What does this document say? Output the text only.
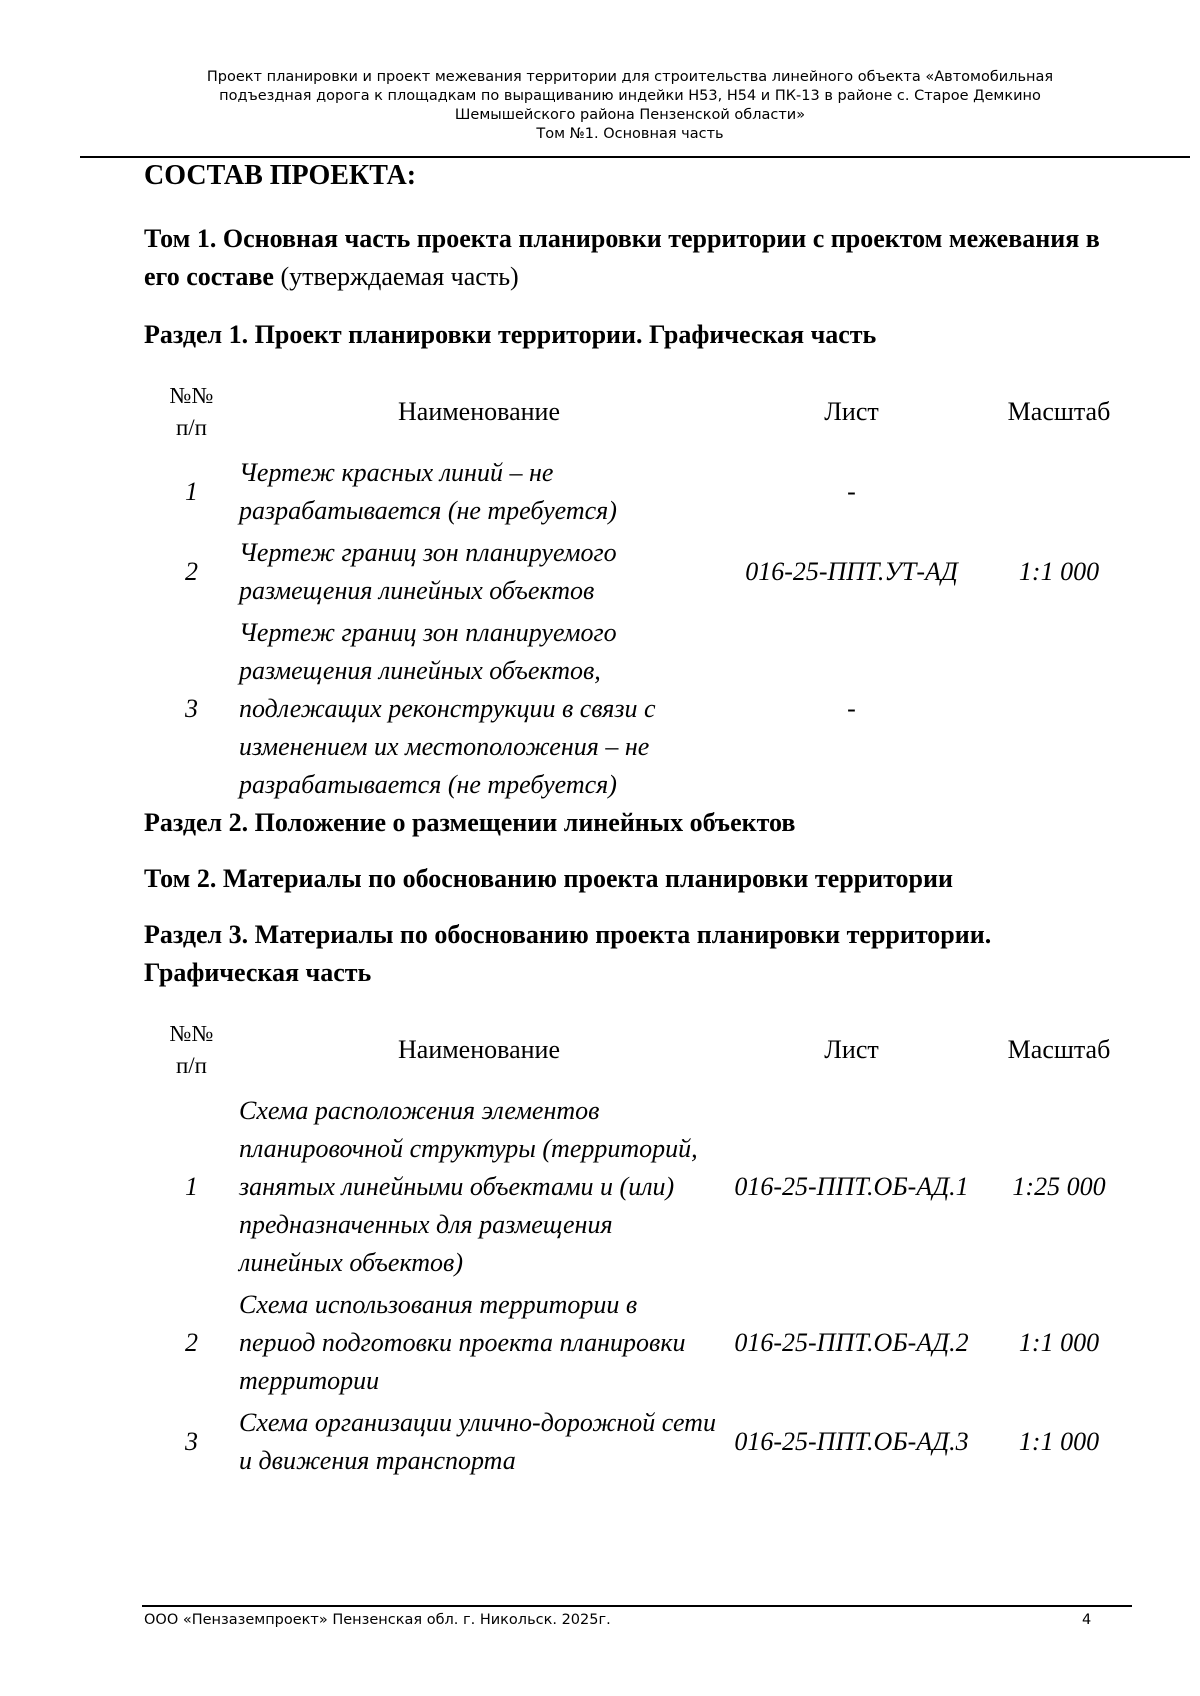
Проект планировки и проект межевания территории для строительства линейного объекта «Автомобильная
подъездная дорога к площадкам по выращиванию индейки Н53, Н54 и ПК-13 в районе с. Старое Демкино
Шемышейского района Пензенской области»
Том №1. Основная часть

СОСТАВ ПРОЕКТА:

Том 1. Основная часть проекта планировки территории с проектом межевания в его составе (утверждаемая часть)

Раздел 1. Проект планировки территории. Графическая часть

№№
п/п	Наименование	Лист	Масштаб
1	Чертеж красных линий – не разрабатывается (не требуется)	-	
2	Чертеж границ зон планируемого размещения линейных объектов	016-25-ППТ.УТ-АД	1:1 000
3	Чертеж границ зон планируемого размещения линейных объектов, подлежащих реконструкции в связи с изменением их местоположения – не разрабатывается (не требуется)	-	

Раздел 2. Положение о размещении линейных объектов

Том 2. Материалы по обоснованию проекта планировки территории

Раздел 3. Материалы по обоснованию проекта планировки территории. Графическая часть

№№
п/п	Наименование	Лист	Масштаб
1	Схема расположения элементов планировочной структуры (территорий, занятых линейными объектами и (или) предназначенных для размещения линейных объектов)	016-25-ППТ.ОБ-АД.1	1:25 000
2	Схема использования территории в период подготовки проекта планировки территории	016-25-ППТ.ОБ-АД.2	1:1 000
3	Схема организации улично-дорожной сети и движения транспорта	016-25-ППТ.ОБ-АД.3	1:1 000
ООО «Пензаземпроект» Пензенская обл. г. Никольск. 2025г.	4
